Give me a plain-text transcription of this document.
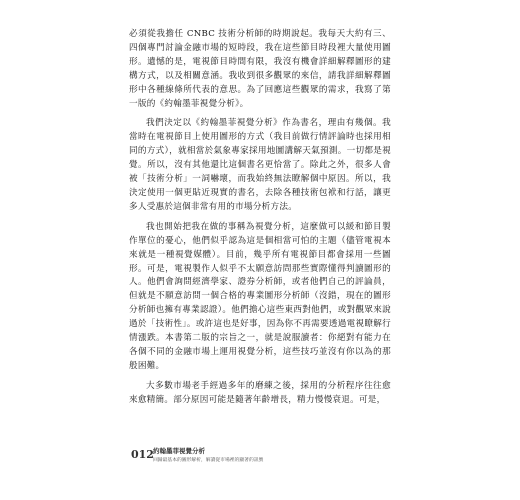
必須從我擔任 CNBC 技術分析師的時期說起。我每天大約有三、四個專門討論金融市場的短時段，我在這些節目時段裡大量使用圖形。遺憾的是，電視節目時間有限，我沒有機會詳細解釋圖形的建構方式，以及相關意涵。我收到很多觀眾的來信，請我詳細解釋圖形中各種線條所代表的意思。為了回應這些觀眾的需求，我寫了第一版的《約翰墨菲視覺分析》。

我們決定以《約翰墨菲視覺分析》作為書名，理由有幾個。我當時在電視節目上使用圖形的方式（我目前做行情評論時也採用相同的方式），就相當於氣象專家採用地圖講解天氣預測。一切都是視覺。所以，沒有其他還比這個書名更恰當了。除此之外，很多人會被「技術分析」一詞嚇壞，而我始終無法瞭解個中原因。所以，我決定使用一個更貼近現實的書名，去除各種技術包袱和行話，讓更多人受惠於這個非常有用的市場分析方法。

我也開始把我在做的事稱為視覺分析，這麼做可以緩和節目製作單位的憂心，他們似乎認為這是個相當可怕的主題（儘管電視本來就是一種視覺媒體）。目前，幾乎所有電視節目都會採用一些圖形。可是，電視製作人似乎不太願意訪問那些實際懂得判讀圖形的人。他們會詢問經濟學家、證券分析師，或者他們自己的評論員，但就是不願意訪問一個合格的專業圖形分析師（沒錯，現在的圖形分析師也擁有專業認證）。他們擔心這些東西對他們，或對觀眾來說過於「技術性」。或許這也是好事，因為你不再需要透過電視瞭解行情漲跌。本書第二版的宗旨之一，就是說服讀者：你絕對有能力在各個不同的金融市場上運用視覺分析，這些技巧並沒有你以為的那般困難。

大多數市場老手經過多年的磨練之後，採用的分析程序往往愈來愈精簡。部分原因可能是隨著年齡增長，精力慢慢衰退。可是，

012 約翰墨菲視覺分析
回歸最基本的圖形解析，解讀從市場裡的顯著的訊號
